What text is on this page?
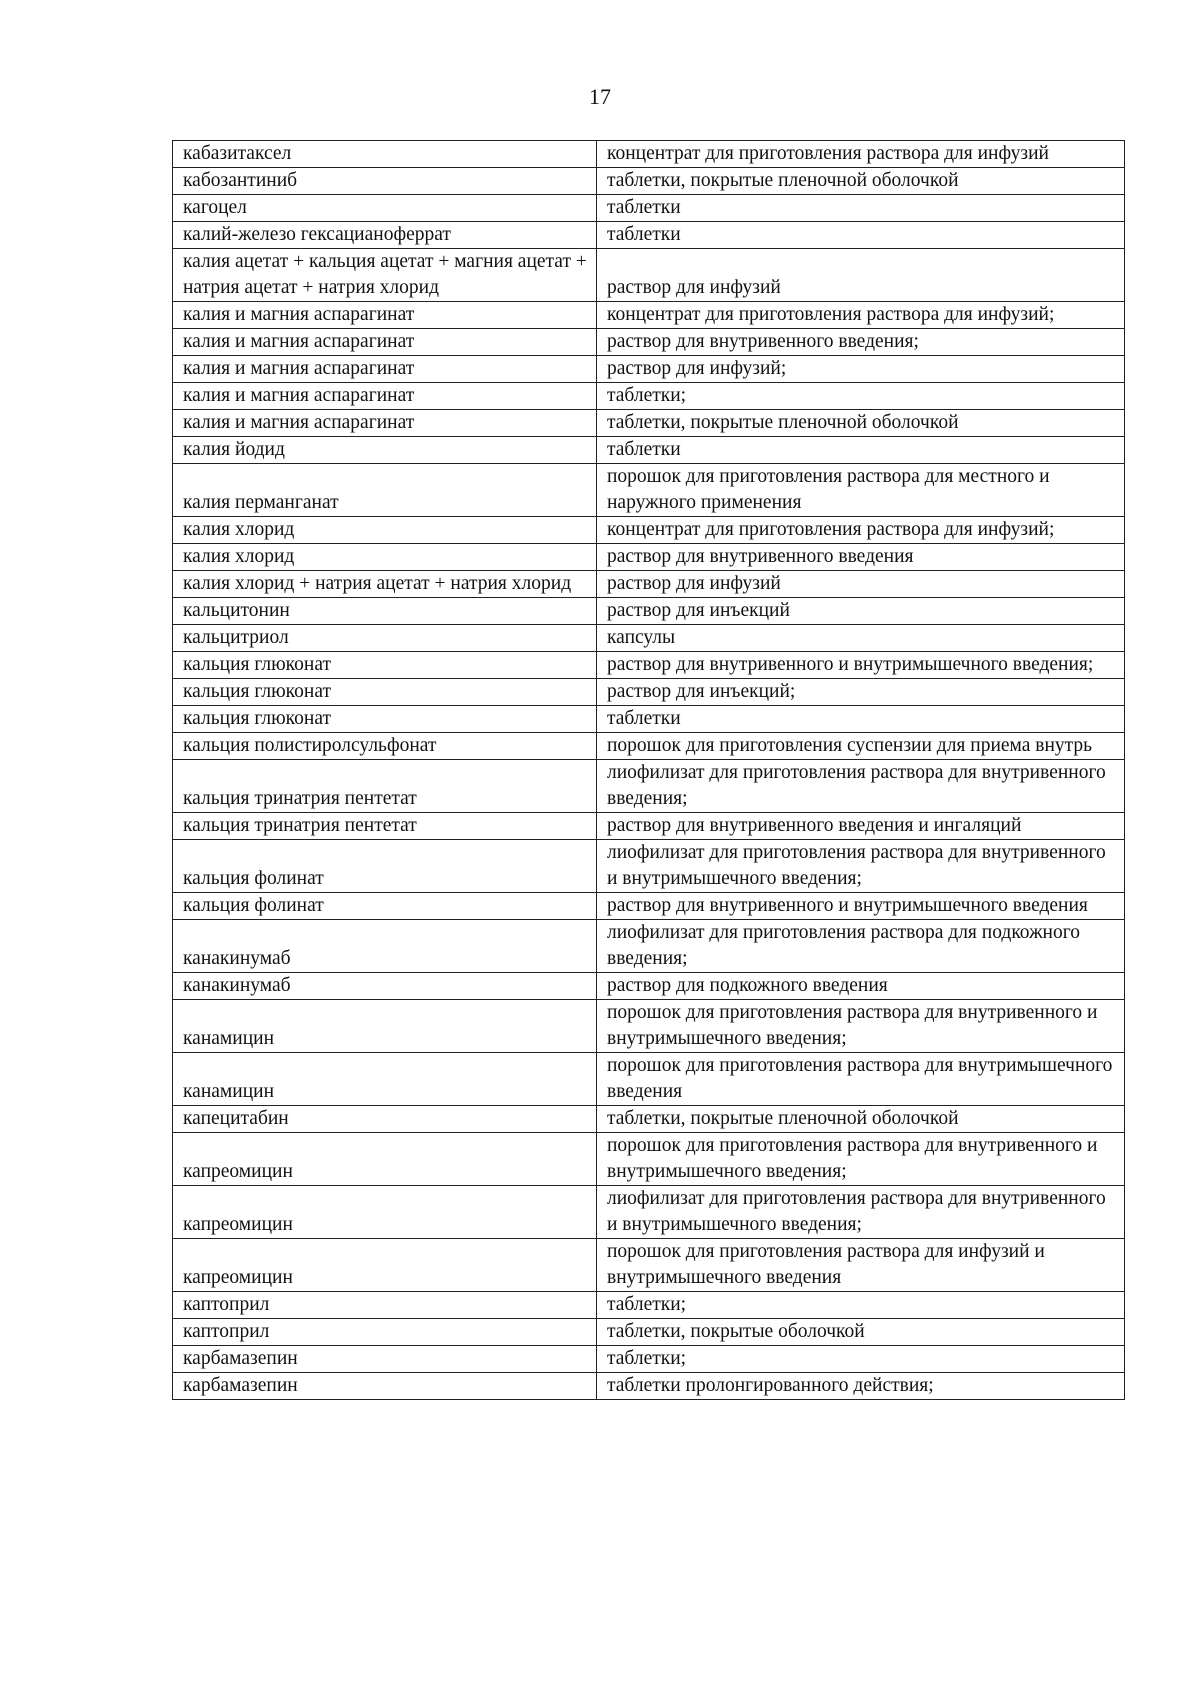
17
кабазитаксел	концентрат для приготовления раствора для инфузий
кабозантиниб	таблетки, покрытые пленочной оболочкой
кагоцел	таблетки
калий-железо гексацианоферрат	таблетки
калия ацетат + кальция ацетат + магния ацетат + натрия ацетат + натрия хлорид	раствор для инфузий
калия и магния аспарагинат	концентрат для приготовления раствора для инфузий;
калия и магния аспарагинат	раствор для внутривенного введения;
калия и магния аспарагинат	раствор для инфузий;
калия и магния аспарагинат	таблетки;
калия и магния аспарагинат	таблетки, покрытые пленочной оболочкой
калия йодид	таблетки
калия перманганат	порошок для приготовления раствора для местного и наружного применения
калия хлорид	концентрат для приготовления раствора для инфузий;
калия хлорид	раствор для внутривенного введения
калия хлорид + натрия ацетат + натрия хлорид	раствор для инфузий
кальцитонин	раствор для инъекций
кальцитриол	капсулы
кальция глюконат	раствор для внутривенного и внутримышечного введения;
кальция глюконат	раствор для инъекций;
кальция глюконат	таблетки
кальция полистиролсульфонат	порошок для приготовления суспензии для приема внутрь
кальция тринатрия пентетат	лиофилизат для приготовления раствора для внутривенного введения;
кальция тринатрия пентетат	раствор для внутривенного введения и ингаляций
кальция фолинат	лиофилизат для приготовления раствора для внутривенного и внутримышечного введения;
кальция фолинат	раствор для внутривенного и внутримышечного введения
канакинумаб	лиофилизат для приготовления раствора для подкожного введения;
канакинумаб	раствор для подкожного введения
канамицин	порошок для приготовления раствора для внутривенного и внутримышечного введения;
канамицин	порошок для приготовления раствора для внутримышечного введения
капецитабин	таблетки, покрытые пленочной оболочкой
капреомицин	порошок для приготовления раствора для внутривенного и внутримышечного введения;
капреомицин	лиофилизат для приготовления раствора для внутривенного и внутримышечного введения;
капреомицин	порошок для приготовления раствора для инфузий и внутримышечного введения
каптоприл	таблетки;
каптоприл	таблетки, покрытые оболочкой
карбамазепин	таблетки;
карбамазепин	таблетки пролонгированного действия;
